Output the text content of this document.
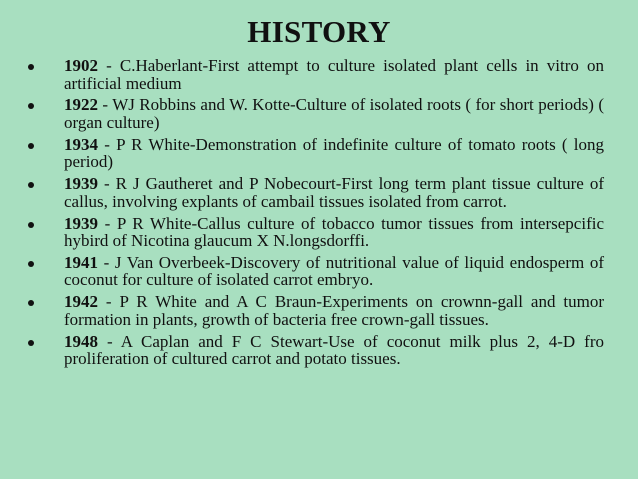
HISTORY
1902 - C.Haberlant-First attempt to culture isolated plant cells in vitro on artificial medium
1922 - WJ Robbins and W. Kotte-Culture of isolated roots ( for short periods) ( organ culture)
1934 - P R White-Demonstration of indefinite culture of tomato roots ( long period)
1939 - R J Gautheret and P Nobecourt-First long term plant tissue culture of callus, involving explants of cambail tissues isolated from carrot.
1939 - P R White-Callus culture of tobacco tumor tissues from intersepcific hybird of Nicotina glaucum X N.longsdorffi.
1941 - J Van Overbeek-Discovery of nutritional value of liquid endosperm of coconut for culture of isolated carrot embryo.
1942 - P R White and A C Braun-Experiments on crownn-gall and tumor formation in plants, growth of bacteria free crown-gall tissues.
1948 - A Caplan and F C Stewart-Use of coconut milk plus 2, 4-D fro proliferation of cultured carrot and potato tissues.
